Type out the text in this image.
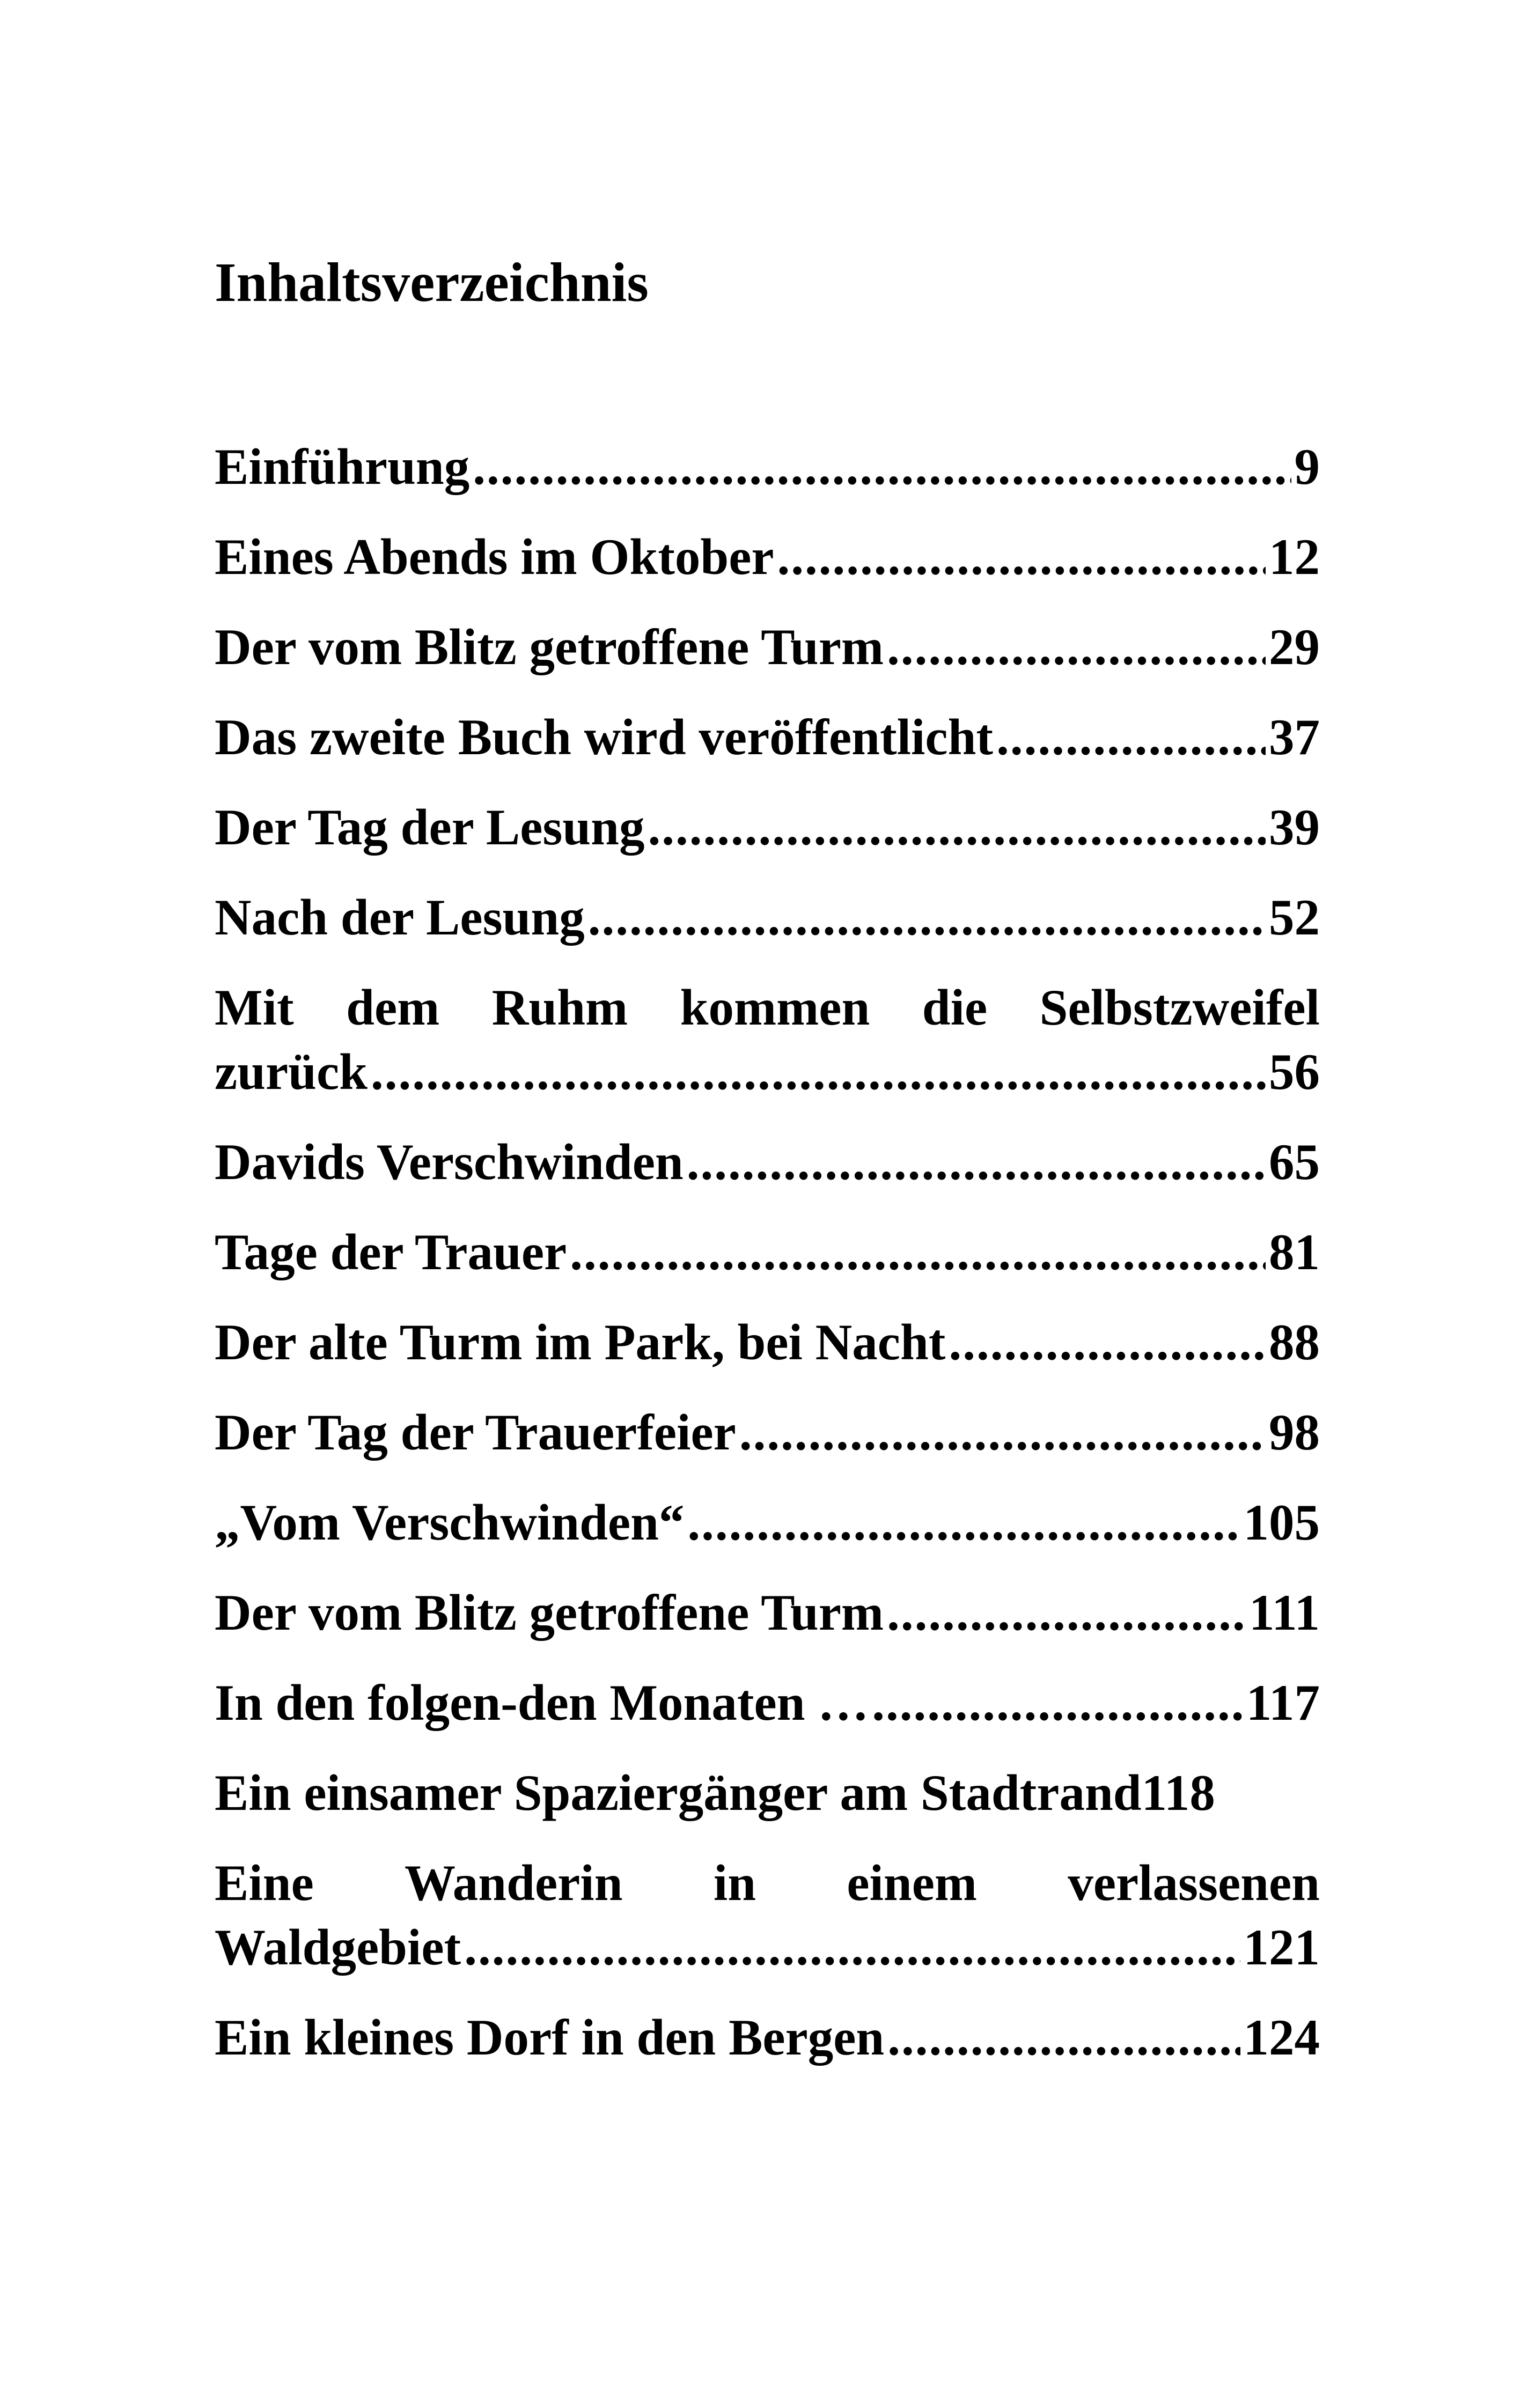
Inhaltsverzeichnis
Einführung .....	9
Eines Abends im Oktober .....	12
Der vom Blitz getroffene Turm .....	29
Das zweite Buch wird veröffentlicht .....	37
Der Tag der Lesung .....	39
Nach der Lesung .....	52
Mit dem Ruhm kommen die Selbstzweifel
zurück .....	56
Davids Verschwinden .....	65
Tage der Trauer .....	81
Der alte Turm im Park, bei Nacht .....	88
Der Tag der Trauerfeier .....	98
„Vom Verschwinden“ .....	105
Der vom Blitz getroffene Turm .....	111
In den folgen-den Monaten … .....	117
Ein einsamer Spaziergänger am Stadtrand 118
Eine Wanderin in einem verlassenen
Waldgebiet .....	121
Ein kleines Dorf in den Bergen .....	124
